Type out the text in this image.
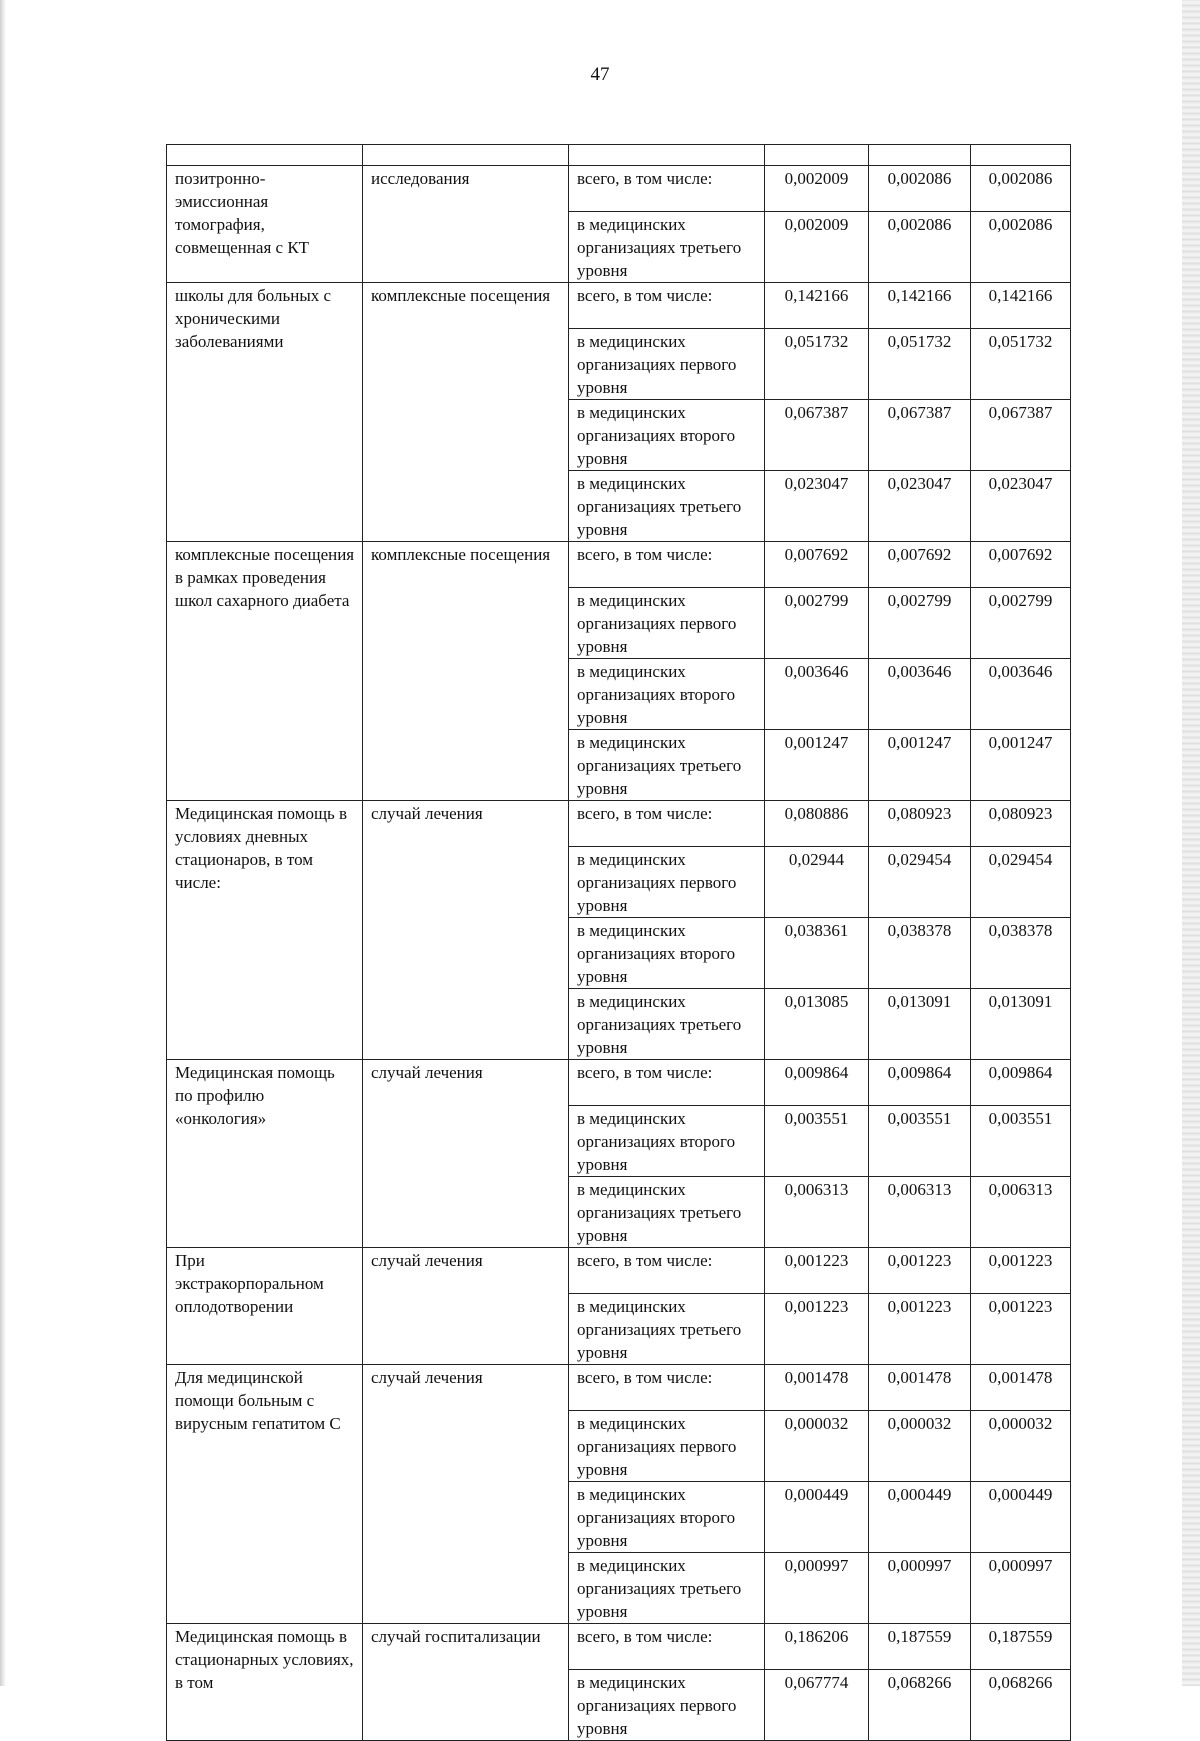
47

позитронно-эмиссионная томография, совмещенная с КТ	исследования	всего, в том числе:	0,002009	0,002086	0,002086
		в медицинских организациях третьего уровня	0,002009	0,002086	0,002086
школы для больных с хроническими заболеваниями	комплексные посещения	всего, в том числе:	0,142166	0,142166	0,142166
		в медицинских организациях первого уровня	0,051732	0,051732	0,051732
		в медицинских организациях второго уровня	0,067387	0,067387	0,067387
		в медицинских организациях третьего уровня	0,023047	0,023047	0,023047
комплексные посещения в рамках проведения школ сахарного диабета	комплексные посещения	всего, в том числе:	0,007692	0,007692	0,007692
		в медицинских организациях первого уровня	0,002799	0,002799	0,002799
		в медицинских организациях второго уровня	0,003646	0,003646	0,003646
		в медицинских организациях третьего уровня	0,001247	0,001247	0,001247
Медицинская помощь в условиях дневных стационаров, в том числе:	случай лечения	всего, в том числе:	0,080886	0,080923	0,080923
		в медицинских организациях первого уровня	0,02944	0,029454	0,029454
		в медицинских организациях второго уровня	0,038361	0,038378	0,038378
		в медицинских организациях третьего уровня	0,013085	0,013091	0,013091
Медицинская помощь по профилю «онкология»	случай лечения	всего, в том числе:	0,009864	0,009864	0,009864
		в медицинских организациях второго уровня	0,003551	0,003551	0,003551
		в медицинских организациях третьего уровня	0,006313	0,006313	0,006313
При экстракорпоральном оплодотворении	случай лечения	всего, в том числе:	0,001223	0,001223	0,001223
		в медицинских организациях третьего уровня	0,001223	0,001223	0,001223
Для медицинской помощи больным с вирусным гепатитом С	случай лечения	всего, в том числе:	0,001478	0,001478	0,001478
		в медицинских организациях первого уровня	0,000032	0,000032	0,000032
		в медицинских организациях второго уровня	0,000449	0,000449	0,000449
		в медицинских организациях третьего уровня	0,000997	0,000997	0,000997
Медицинская помощь в стационарных условиях, в том	случай госпитализации	всего, в том числе:	0,186206	0,187559	0,187559
		в медицинских организациях первого уровня	0,067774	0,068266	0,068266
